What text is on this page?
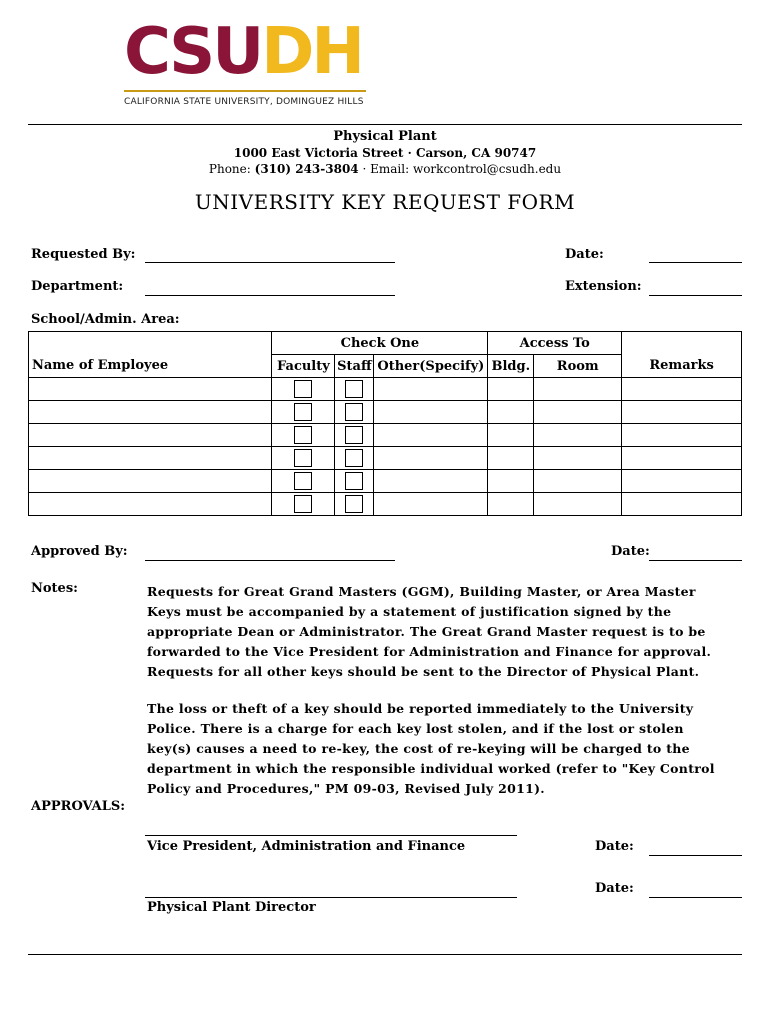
CS U DH
CALIFORNIA STATE UNIVERSITY, DOMINGUEZ HILLS
Physical Plant
1000 East Victoria Street · Carson, CA 90747
Phone: (310) 243-3804 · Email: workcontrol@csudh.edu
UNIVERSITY KEY REQUEST FORM
Requested By:	Date:
Department:	Extension:
School/Admin. Area:
	Check One			Access To		
Name of Employee	Faculty	Staff	Other(Specify)	Bldg.	Room	Remarks

Approved By:	Date:
Notes:	Requests for Great Grand Masters (GGM), Building Master, or Area Master Keys must be accompanied by a statement of justification signed by the appropriate Dean or Administrator. The Great Grand Master request is to be forwarded to the Vice President for Administration and Finance for approval. Requests for all other keys should be sent to the Director of Physical Plant.

The loss or theft of a key should be reported immediately to the University Police. There is a charge for each key lost stolen, and if the lost or stolen key(s) causes a need to re-key, the cost of re-keying will be charged to the department in which the responsible individual worked (refer to "Key Control Policy and Procedures," PM 09-03, Revised July 2011).

APPROVALS:
Vice President, Administration and Finance	Date:
Date:
Physical Plant Director
